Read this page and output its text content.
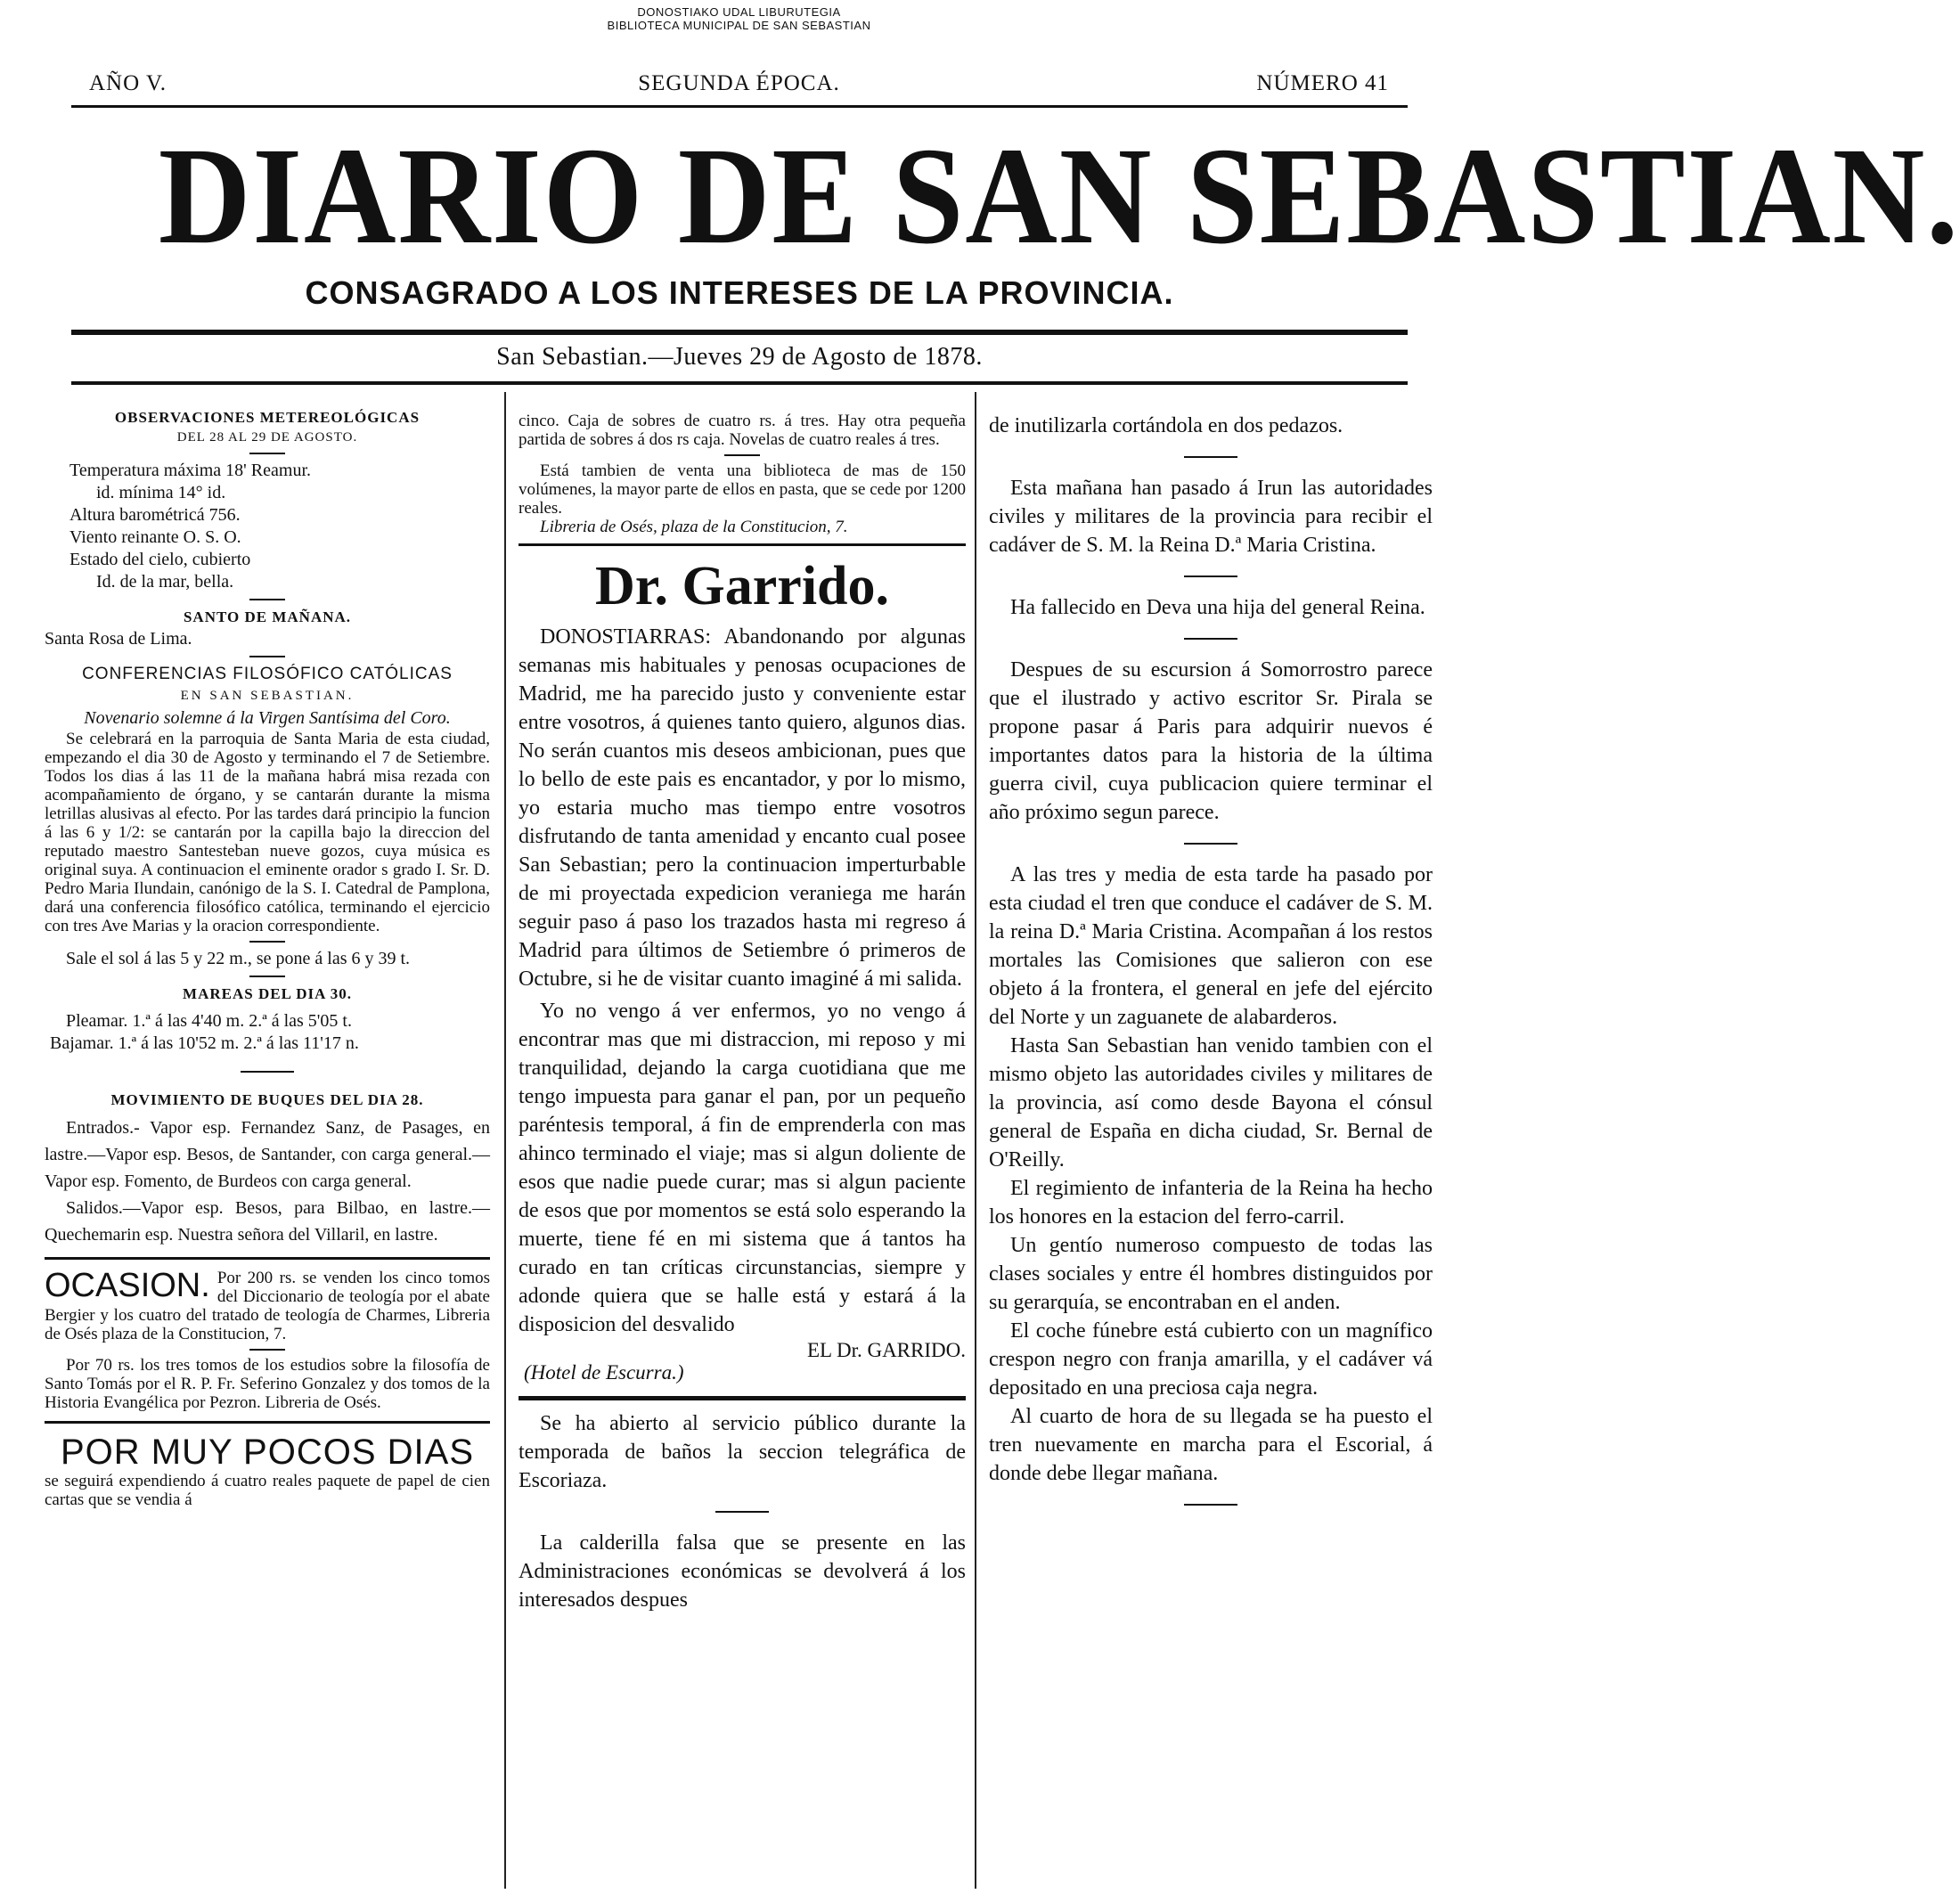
DONOSTIAKO UDAL LIBURUTEGIA
BIBLIOTECA MUNICIPAL DE SAN SEBASTIAN
AÑO V.	SEGUNDA ÉPOCA.	NÚMERO 41
DIARIO DE SAN SEBASTIAN.
CONSAGRADO A LOS INTERESES DE LA PROVINCIA.
San Sebastian.—Jueves 29 de Agosto de 1878.
OBSERVACIONES METEREOLÓGICAS
DEL 28 AL 29 DE AGOSTO.
Temperatura máxima 18' Reamur.
id. mínima 14° id.
Altura barométricá 756.
Viento reinante O. S. O.
Estado del cielo, cubierto
Id. de la mar, bella.
SANTO DE MAÑANA.
Santa Rosa de Lima.
CONFERENCIAS FILOSÓFICO CATÓLICAS
EN SAN SEBASTIAN.
Novenario solemne á la Virgen Santísima del Coro.

Se celebrará en la parroquia de Santa Maria de esta ciudad, empezando el dia 30 de Agosto y terminando el 7 de Setiembre. Todos los dias á las 11 de la mañana habrá misa rezada con acompañamiento de órgano, y se cantarán durante la misma letrillas alusivas al efecto. Por las tardes dará principio la funcion á las 6 y 1/2: se cantarán por la capilla bajo la direccion del reputado maestro Santesteban nueve gozos, cuya música es original suya. A continuacion el eminente orador s grado I. Sr. D. Pedro Maria Ilundain, canónigo de la S. I. Catedral de Pamplona, dará una conferencia filosófico católica, terminando el ejercicio con tres Ave Marias y la oracion correspondiente.

Sale el sol á las 5 y 22 m., se pone á las 6 y 39 t.

MAREAS DEL DIA 30.
Pleamar. 1.ª á las 4'40 m. 2.ª á las 5'05 t.
Bajamar. 1.ª á las 10'52 m. 2.ª á las 11'17 n.
MOVIMIENTO DE BUQUES DEL DIA 28.

Entrados.- Vapor esp. Fernandez Sanz, de Pasages, en lastre.—Vapor esp. Besos, de Santander, con carga general.—Vapor esp. Fomento, de Burdeos con carga general.

Salidos.—Vapor esp. Besos, para Bilbao, en lastre.— Quechemarin esp. Nuestra señora del Villaril, en lastre.

OCASION. Por 200 rs. se venden los cinco tomos del Diccionario de teología por el abate Bergier y los cuatro del tratado de teología de Charmes, Libreria de Osés plaza de la Constitucion, 7.

Por 70 rs. los tres tomos de los estudios sobre la filosofía de Santo Tomás por el R. P. Fr. Seferino Gonzalez y dos tomos de la Historia Evangélica por Pezron. Libreria de Osés.

POR MUY POCOS DIAS

se seguirá expendiendo á cuatro reales paquete de papel de cien cartas que se vendia á

cinco. Caja de sobres de cuatro rs. á tres. Hay otra pequeña partida de sobres á dos rs caja. Novelas de cuatro reales á tres.

Está tambien de venta una biblioteca de mas de 150 volúmenes, la mayor parte de ellos en pasta, que se cede por 1200 reales.

Libreria de Osés, plaza de la Constitucion, 7.
Dr. Garrido.

DONOSTIARRAS: Abandonando por algunas semanas mis habituales y penosas ocupaciones de Madrid, me ha parecido justo y conveniente estar entre vosotros, á quienes tanto quiero, algunos dias. No serán cuantos mis deseos ambicionan, pues que lo bello de este pais es encantador, y por lo mismo, yo estaria mucho mas tiempo entre vosotros disfrutando de tanta amenidad y encanto cual posee San Sebastian; pero la continuacion imperturbable de mi proyectada expedicion veraniega me harán seguir paso á paso los trazados hasta mi regreso á Madrid para últimos de Setiembre ó primeros de Octubre, si he de visitar cuanto imaginé á mi salida.

Yo no vengo á ver enfermos, yo no vengo á encontrar mas que mi distraccion, mi reposo y mi tranquilidad, dejando la carga cuotidiana que me tengo impuesta para ganar el pan, por un pequeño paréntesis temporal, á fin de emprenderla con mas ahinco terminado el viaje; mas si algun doliente de esos que nadie puede curar; mas si algun paciente de esos que por momentos se está solo esperando la muerte, tiene fé en mi sistema que á tantos ha curado en tan críticas circunstancias, siempre y adonde quiera que se halle está y estará á la disposicion del desvalido

EL Dr. GARRIDO.
(Hotel de Escurra.)

Se ha abierto al servicio público durante la temporada de baños la seccion telegráfica de Escoriaza.

La calderilla falsa que se presente en las Administraciones económicas se devolverá á los interesados despues

de inutilizarla cortándola en dos pedazos.

Esta mañana han pasado á Irun las autoridades civiles y militares de la provincia para recibir el cadáver de S. M. la Reina D.ª Maria Cristina.

Ha fallecido en Deva una hija del general Reina.

Despues de su escursion á Somorrostro parece que el ilustrado y activo escritor Sr. Pirala se propone pasar á Paris para adquirir nuevos é importantes datos para la historia de la última guerra civil, cuya publicacion quiere terminar el año próximo segun parece.

A las tres y media de esta tarde ha pasado por esta ciudad el tren que conduce el cadáver de S. M. la reina D.ª Maria Cristina. Acompañan á los restos mortales las Comisiones que salieron con ese objeto á la frontera, el general en jefe del ejército del Norte y un zaguanete de alabarderos.

Hasta San Sebastian han venido tambien con el mismo objeto las autoridades civiles y militares de la provincia, así como desde Bayona el cónsul general de España en dicha ciudad, Sr. Bernal de O'Reilly.

El regimiento de infanteria de la Reina ha hecho los honores en la estacion del ferro-carril.

Un gentío numeroso compuesto de todas las clases sociales y entre él hombres distinguidos por su gerarquía, se encontraban en el anden.

El coche fúnebre está cubierto con un magnífico crespon negro con franja amarilla, y el cadáver vá depositado en una preciosa caja negra.

Al cuarto de hora de su llegada se ha puesto el tren nuevamente en marcha para el Escorial, á donde debe llegar mañana.
